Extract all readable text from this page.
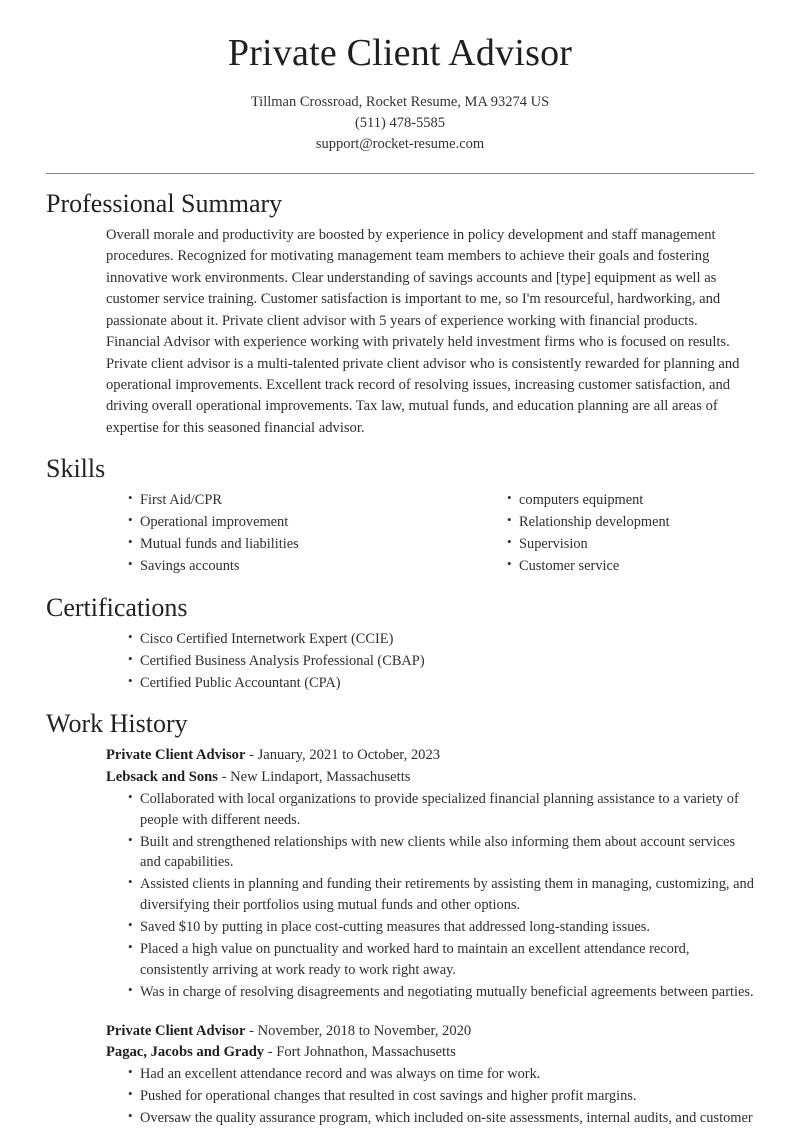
Private Client Advisor

Tillman Crossroad, Rocket Resume, MA 93274 US

(511) 478-5585

support@rocket-resume.com

Professional Summary

Overall morale and productivity are boosted by experience in policy development and staff management procedures. Recognized for motivating management team members to achieve their goals and fostering innovative work environments. Clear understanding of savings accounts and [type] equipment as well as customer service training. Customer satisfaction is important to me, so I'm resourceful, hardworking, and passionate about it. Private client advisor with 5 years of experience working with financial products. Financial Advisor with experience working with privately held investment firms who is focused on results. Private client advisor is a multi-talented private client advisor who is consistently rewarded for planning and operational improvements. Excellent track record of resolving issues, increasing customer satisfaction, and driving overall operational improvements. Tax law, mutual funds, and education planning are all areas of expertise for this seasoned financial advisor.

Skills
• First Aid/CPR
• Operational improvement
• Mutual funds and liabilities
• Savings accounts
• computers equipment
• Relationship development
• Supervision
• Customer service
Certifications
• Cisco Certified Internetwork Expert (CCIE)
• Certified Business Analysis Professional (CBAP)
• Certified Public Accountant (CPA)
Work History
Private Client Advisor - January, 2021 to October, 2023
Lebsack and Sons - New Lindaport, Massachusetts
• Collaborated with local organizations to provide specialized financial planning assistance to a variety of people with different needs.
• Built and strengthened relationships with new clients while also informing them about account services and capabilities.
• Assisted clients in planning and funding their retirements by assisting them in managing, customizing, and diversifying their portfolios using mutual funds and other options.
• Saved $10 by putting in place cost-cutting measures that addressed long-standing issues.
• Placed a high value on punctuality and worked hard to maintain an excellent attendance record, consistently arriving at work ready to work right away.
• Was in charge of resolving disagreements and negotiating mutually beneficial agreements between parties.
Private Client Advisor - November, 2018 to November, 2020
Pagac, Jacobs and Grady - Fort Johnathon, Massachusetts
• Had an excellent attendance record and was always on time for work.
• Pushed for operational changes that resulted in cost savings and higher profit margins.
• Oversaw the quality assurance program, which included on-site assessments, internal audits, and customer
